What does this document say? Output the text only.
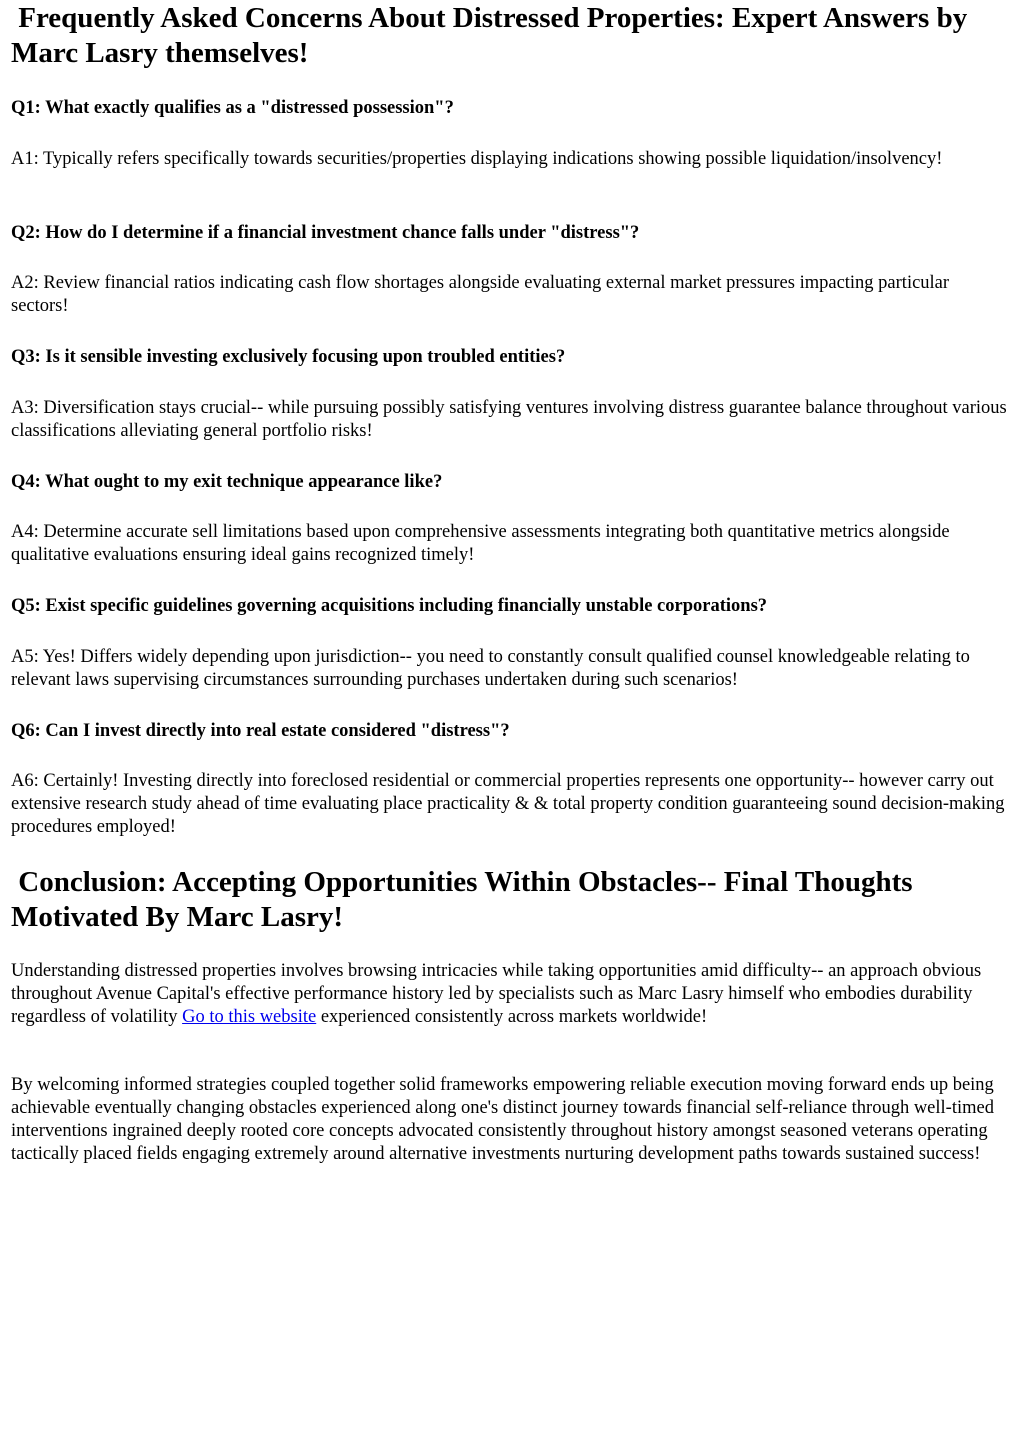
Frequently Asked Concerns About Distressed Properties: Expert Answers by Marc Lasry themselves!

Q1: What exactly qualifies as a "distressed possession"?

A1: Typically refers specifically towards securities/properties displaying indications showing possible liquidation/insolvency!

Q2: How do I determine if a financial investment chance falls under "distress"?

A2: Review financial ratios indicating cash flow shortages alongside evaluating external market pressures impacting particular sectors!

Q3: Is it sensible investing exclusively focusing upon troubled entities?

A3: Diversification stays crucial-- while pursuing possibly satisfying ventures involving distress guarantee balance throughout various classifications alleviating general portfolio risks!

Q4: What ought to my exit technique appearance like?

A4: Determine accurate sell limitations based upon comprehensive assessments integrating both quantitative metrics alongside qualitative evaluations ensuring ideal gains recognized timely!

Q5: Exist specific guidelines governing acquisitions including financially unstable corporations?

A5: Yes! Differs widely depending upon jurisdiction-- you need to constantly consult qualified counsel knowledgeable relating to relevant laws supervising circumstances surrounding purchases undertaken during such scenarios!

Q6: Can I invest directly into real estate considered "distress"?

A6: Certainly! Investing directly into foreclosed residential or commercial properties represents one opportunity-- however carry out extensive research study ahead of time evaluating place practicality & & total property condition guaranteeing sound decision-making procedures employed!

Conclusion: Accepting Opportunities Within Obstacles-- Final Thoughts Motivated By Marc Lasry!

Understanding distressed properties involves browsing intricacies while taking opportunities amid difficulty-- an approach obvious throughout Avenue Capital's effective performance history led by specialists such as Marc Lasry himself who embodies durability regardless of volatility Go to this website experienced consistently across markets worldwide!

By welcoming informed strategies coupled together solid frameworks empowering reliable execution moving forward ends up being achievable eventually changing obstacles experienced along one's distinct journey towards financial self-reliance through well-timed interventions ingrained deeply rooted core concepts advocated consistently throughout history amongst seasoned veterans operating tactically placed fields engaging extremely around alternative investments nurturing development paths towards sustained success!
